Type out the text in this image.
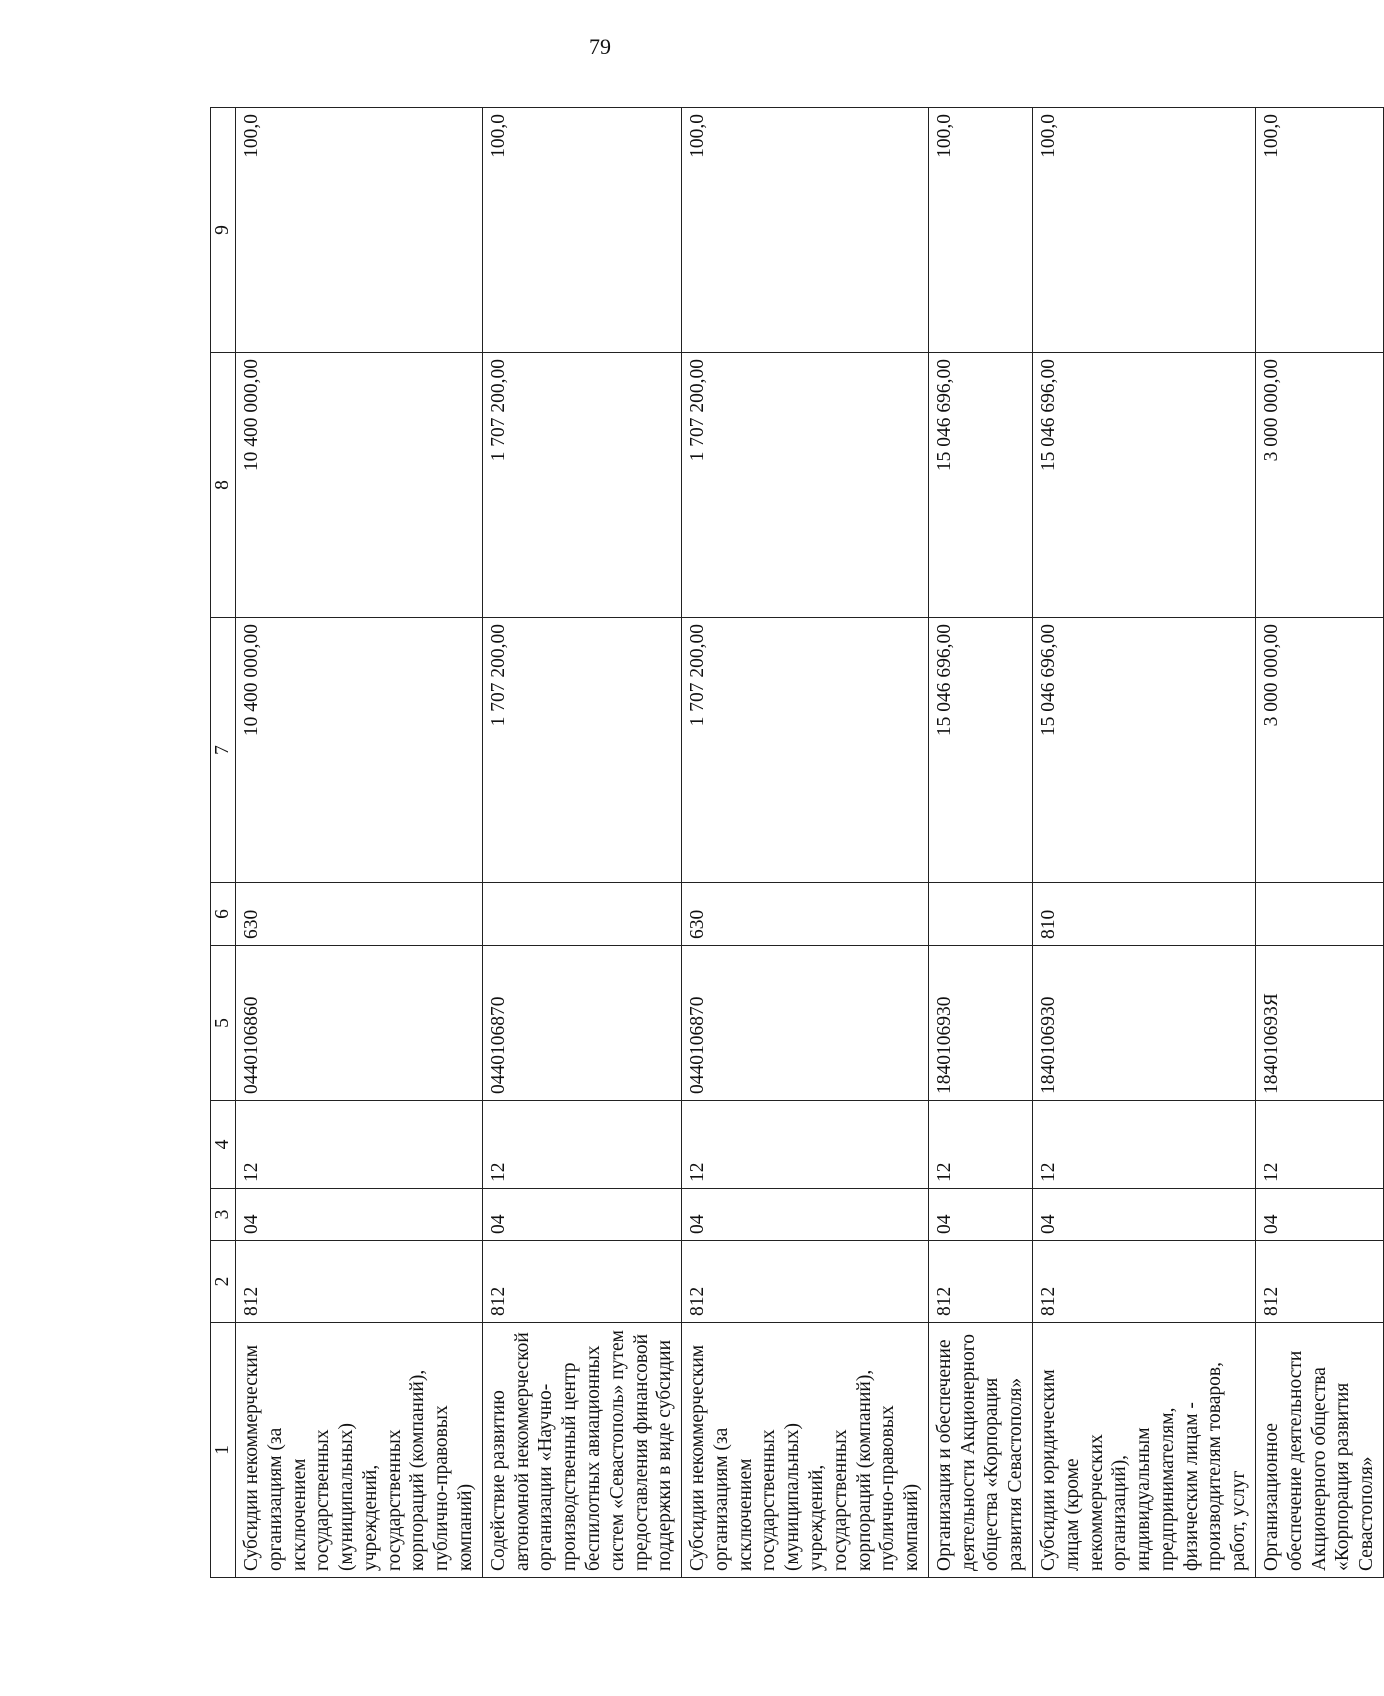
79
1	2	3	4	5	6	7	8	9
Субсидии некоммерческим организациям (за исключением государственных (муниципальных) учреждений, государственных корпораций (компаний), публично-правовых компаний)	812	04	12	0440106860	630	10 400 000,00	10 400 000,00	100,0
Содействие развитию автономной некоммерческой организации «Научно-производственный центр беспилотных авиационных систем «Севастополь» путем предоставления финансовой поддержки в виде субсидии	812	04	12	0440106870		1 707 200,00	1 707 200,00	100,0
Субсидии некоммерческим организациям (за исключением государственных (муниципальных) учреждений, государственных корпораций (компаний), публично-правовых компаний)	812	04	12	0440106870	630	1 707 200,00	1 707 200,00	100,0
Организация и обеспечение деятельности Акционерного общества «Корпорация развития Севастополя»	812	04	12	1840106930		15 046 696,00	15 046 696,00	100,0
Субсидии юридическим лицам (кроме некоммерческих организаций), индивидуальным предпринимателям, физическим лицам - производителям товаров, работ, услуг	812	04	12	1840106930	810	15 046 696,00	15 046 696,00	100,0
Организационное обеспечение деятельности Акционерного общества «Корпорация развития Севастополя»	812	04	12	184010693Я		3 000 000,00	3 000 000,00	100,0
